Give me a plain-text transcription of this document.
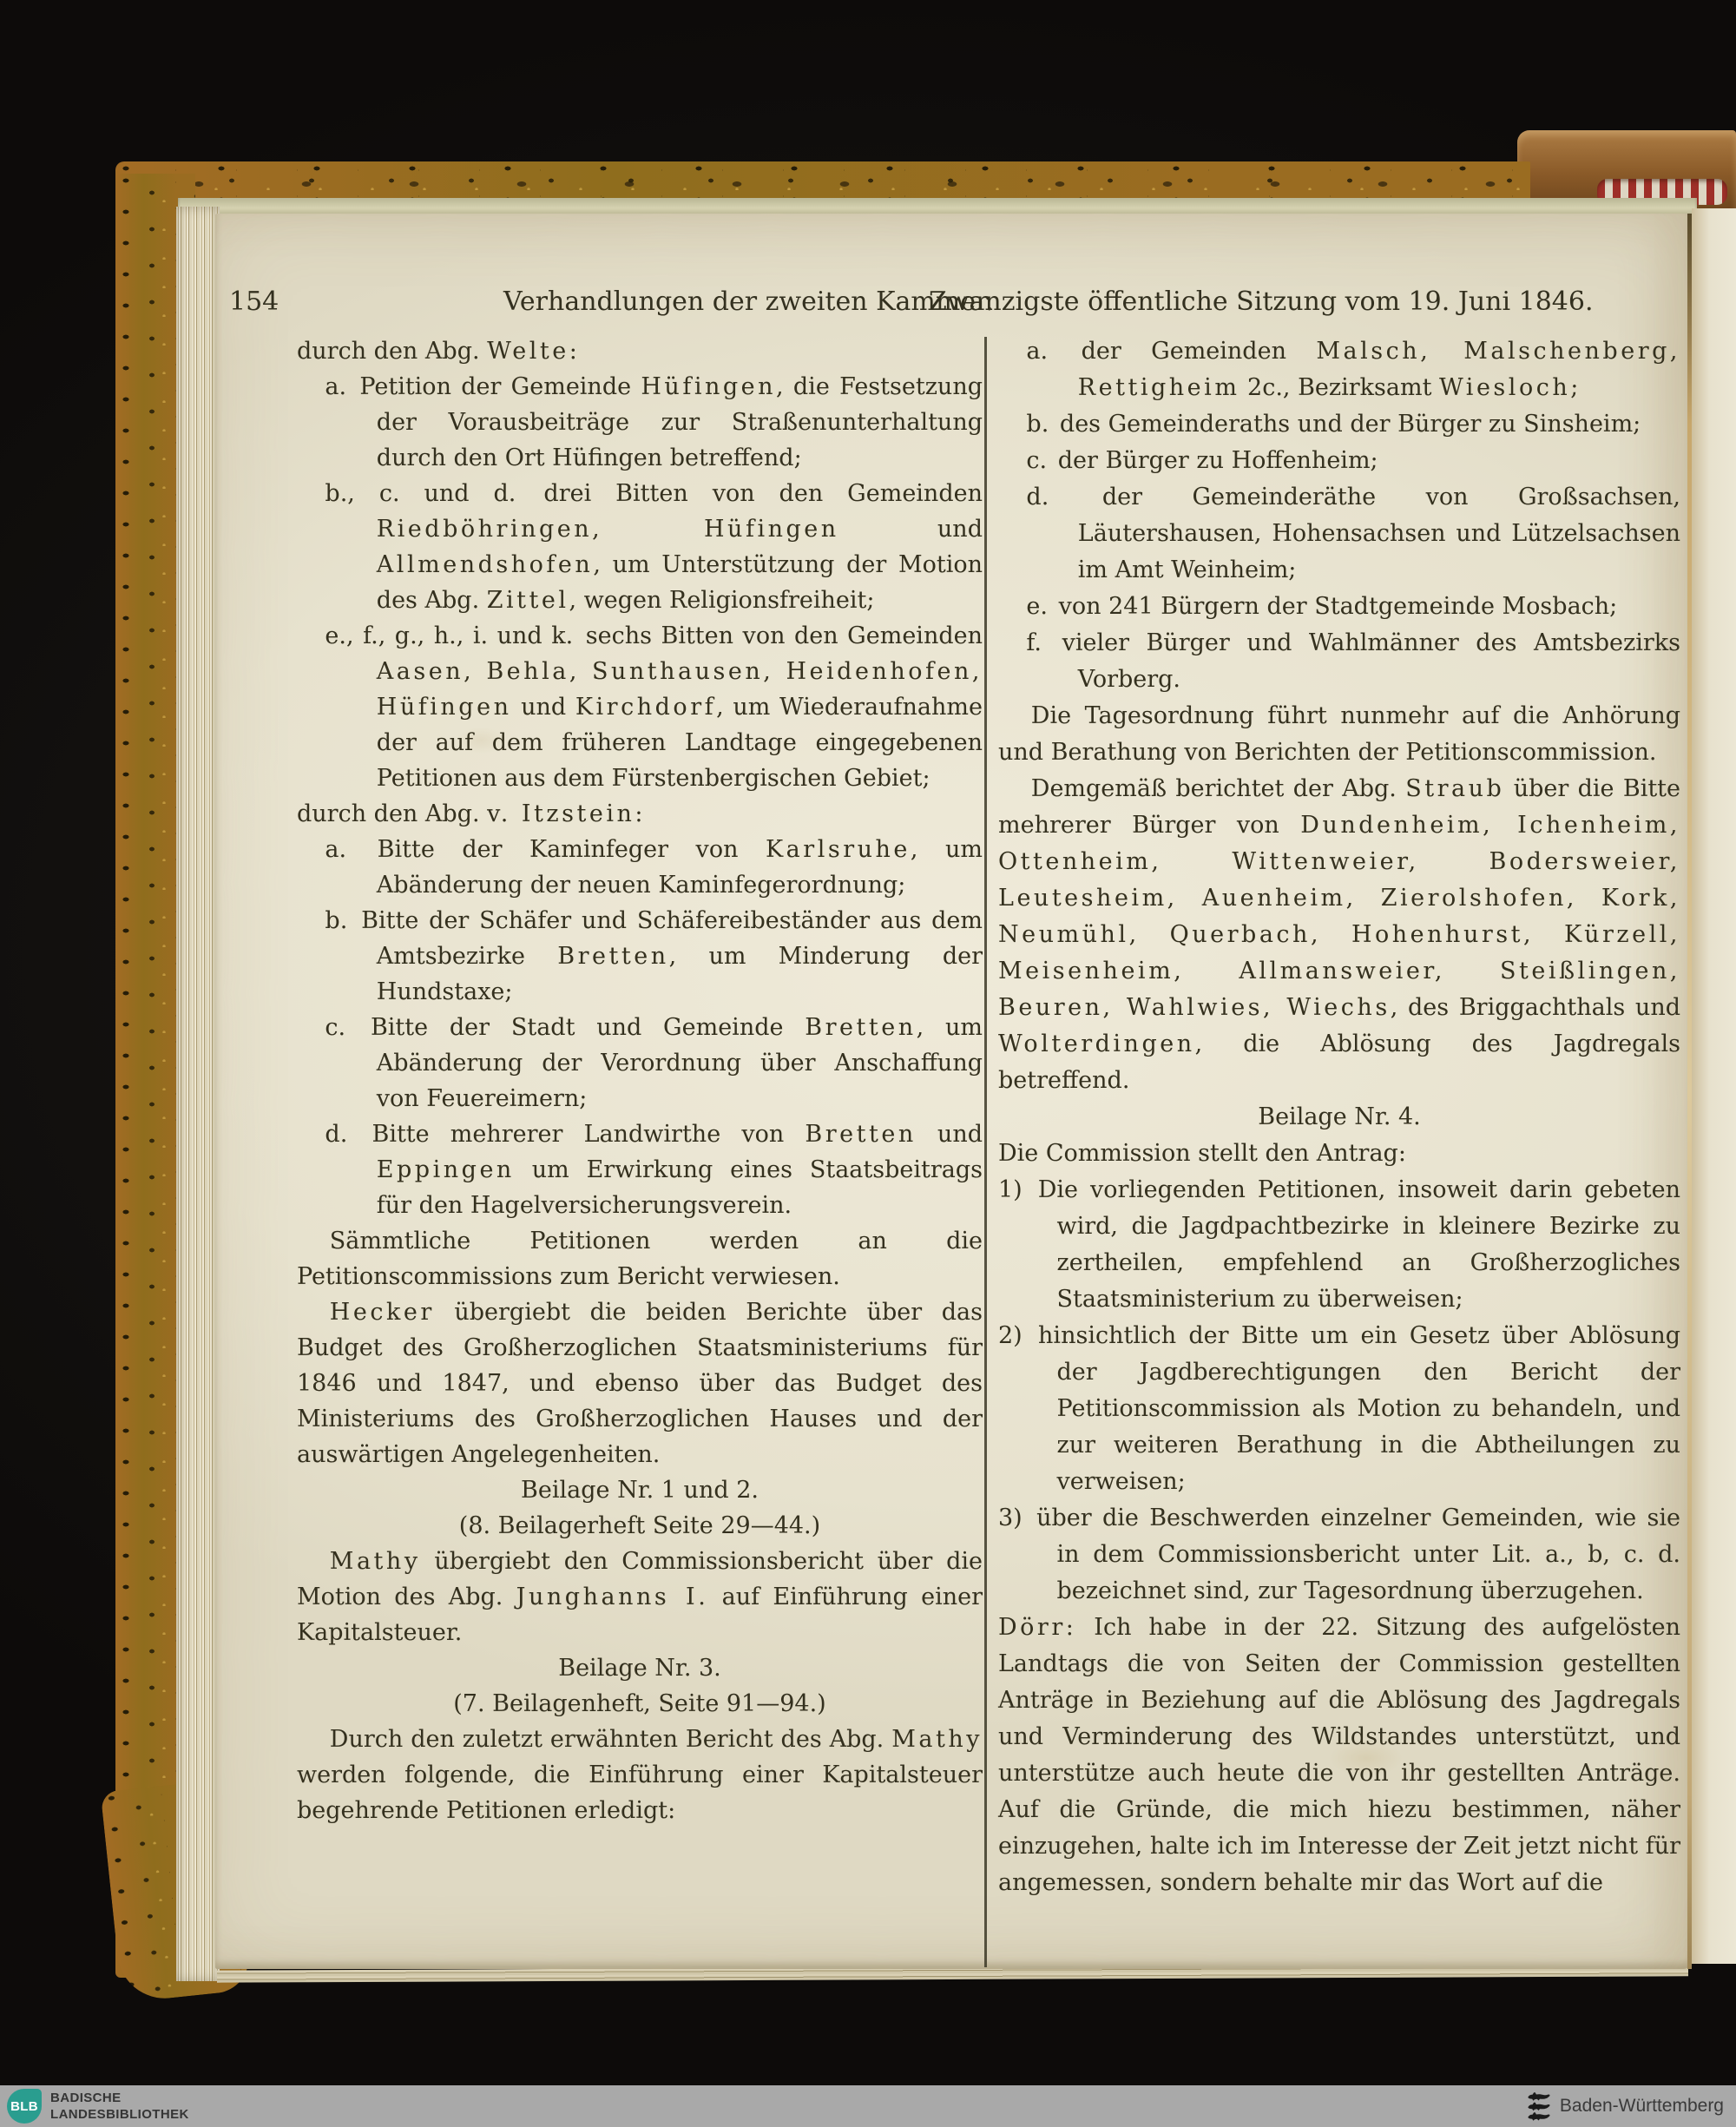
154	Verhandlungen der zweiten Kammer.
Zwanzigste öffentliche Sitzung vom 19. Juni 1846.

durch den Abg. Welte:

a. Petition der Gemeinde Hüfingen, die Festsetzung der Vorausbeiträge zur Straßenunterhaltung durch den Ort Hüfingen betreffend;

b., c. und d. drei Bitten von den Gemeinden Riedböhringen, Hüfingen und Allmendshofen, um Unterstützung der Motion des Abg. Zittel, wegen Religionsfreiheit;

e., f., g., h., i. und k. sechs Bitten von den Gemeinden Aasen, Behla, Sunthausen, Heidenhofen, Hüfingen und Kirchdorf, um Wiederaufnahme der auf dem früheren Landtage eingegebenen Petitionen aus dem Fürstenbergischen Gebiet;

durch den Abg. v. Itzstein:

a. Bitte der Kaminfeger von Karlsruhe, um Abänderung der neuen Kaminfegerordnung;

b. Bitte der Schäfer und Schäfereibeständer aus dem Amtsbezirke Bretten, um Minderung der Hundstaxe;

c. Bitte der Stadt und Gemeinde Bretten, um Abänderung der Verordnung über Anschaffung von Feuereimern;

d. Bitte mehrerer Landwirthe von Bretten und Eppingen um Erwirkung eines Staatsbeitrags für den Hagelversicherungsverein.

Sämmtliche Petitionen werden an die Petitionscommissions zum Bericht verwiesen.

Hecker übergiebt die beiden Berichte über das Budget des Großherzoglichen Staatsministeriums für 1846 und 1847, und ebenso über das Budget des Ministeriums des Großherzoglichen Hauses und der auswärtigen Angelegenheiten.

Beilage Nr. 1 und 2.

(8. Beilagerheft Seite 29—44.)

Mathy übergiebt den Commissionsbericht über die Motion des Abg. Junghanns I. auf Einführung einer Kapitalsteuer.

Beilage Nr. 3.

(7. Beilagenheft, Seite 91—94.)

Durch den zuletzt erwähnten Bericht des Abg. Mathy werden folgende, die Einführung einer Kapitalsteuer begehrende Petitionen erledigt:

a. der Gemeinden Malsch, Malschenberg, Rettigheim 2c., Bezirksamt Wiesloch;

b. des Gemeinderaths und der Bürger zu Sinsheim;

c. der Bürger zu Hoffenheim;

d. der Gemeinderäthe von Großsachsen, Läutershausen, Hohensachsen und Lützelsachsen im Amt Weinheim;

e. von 241 Bürgern der Stadtgemeinde Mosbach;

f. vieler Bürger und Wahlmänner des Amtsbezirks Vorberg.

Die Tagesordnung führt nunmehr auf die Anhörung und Berathung von Berichten der Petitionscommission.

Demgemäß berichtet der Abg. Straub über die Bitte mehrerer Bürger von Dundenheim, Ichenheim, Ottenheim, Wittenweier, Bodersweier, Leutesheim, Auenheim, Zierolshofen, Kork, Neumühl, Querbach, Hohenhurst, Kürzell, Meisenheim, Allmansweier, Steißlingen, Beuren, Wahlwies, Wiechs, des Briggachthals und Wolterdingen, die Ablösung des Jagdregals betreffend.

Beilage Nr. 4.

Die Commission stellt den Antrag:

1) Die vorliegenden Petitionen, insoweit darin gebeten wird, die Jagdpachtbezirke in kleinere Bezirke zu zertheilen, empfehlend an Großherzogliches Staatsministerium zu überweisen;

2) hinsichtlich der Bitte um ein Gesetz über Ablösung der Jagdberechtigungen den Bericht der Petitionscommission als Motion zu behandeln, und zur weiteren Berathung in die Abtheilungen zu verweisen;

3) über die Beschwerden einzelner Gemeinden, wie sie in dem Commissionsbericht unter Lit. a., b, c. d. bezeichnet sind, zur Tagesordnung überzugehen.

Dörr: Ich habe in der 22. Sitzung des aufgelösten Landtags die von Seiten der Commission gestellten Anträge in Beziehung auf die Ablösung des Jagdregals und Verminderung des Wildstandes unterstützt, und unterstütze auch heute die von ihr gestellten Anträge. Auf die Gründe, die mich hiezu bestimmen, näher einzugehen, halte ich im Interesse der Zeit jetzt nicht für angemessen, sondern behalte mir das Wort auf die

BLB
BADISCHE
LANDESBIBLIOTHEK	Baden-Württemberg
